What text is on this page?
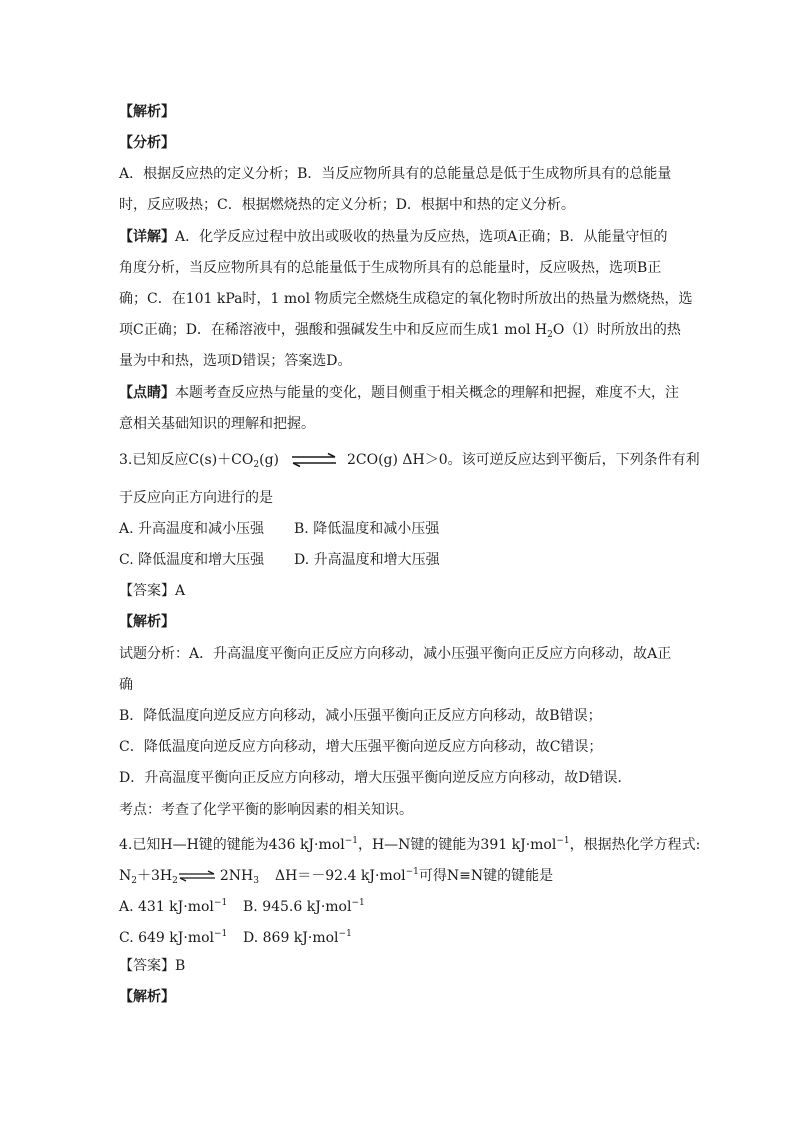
【解析】
【分析】
A．根据反应热的定义分析；B．当反应物所具有的总能量总是低于生成物所具有的总能量
时，反应吸热；C．根据燃烧热的定义分析；D．根据中和热的定义分析。
【详解】A．化学反应过程中放出或吸收的热量为反应热，选项A正确；B．从能量守恒的
角度分析，当反应物所具有的总能量低于生成物所具有的总能量时，反应吸热，选项B正
确；C．在101 kPa时，1 mol 物质完全燃烧生成稳定的氧化物时所放出的热量为燃烧热，选
项C正确；D．在稀溶液中，强酸和强碱发生中和反应而生成1 mol $H_2O(l)$时所放出的热
量为中和热，选项D错误；答案选D。
【点睛】本题考查反应热与能量的变化，题目侧重于相关概念的理解和把握，难度不大，注
意相关基础知识的理解和把握。
3.已知反应$C(s)+CO_2(g)$ ⇌ 2CO(g) ΔH＞0。该可逆反应达到平衡后，下列条件有利
于反应向正方向进行的是
A. 升高温度和减小压强 B. 降低温度和减小压强
C. 降低温度和增大压强 D. 升高温度和增大压强
【答案】A
【解析】
试题分析：A．升高温度平衡向正反应方向移动，减小压强平衡向正反应方向移动，故A正
确
B．降低温度向逆反应方向移动，减小压强平衡向正反应方向移动，故B错误；
C．降低温度向逆反应方向移动，增大压强平衡向逆反应方向移动，故C错误；
D．升高温度平衡向正反应方向移动，增大压强平衡向逆反应方向移动，故D错误．
考点：考查了化学平衡的影响因素的相关知识。
4.已知H—H键的键能为436 kJ·mol$^{-1}$，H—N键的键能为391 kJ·mol$^{-1}$，根据热化学方程式:
$N_2+3H_2\rightleftharpoons$ $2NH_3$ ΔH＝－92.4 kJ·mol$^{-1}$可得N≡N键的键能是
A. 431 kJ·mol$^{-1}$ B. 945.6 kJ·mol$^{-1}$
C. 649 kJ·mol$^{-1}$ D. 869 kJ·mol$^{-1}$
【答案】B
【解析】
